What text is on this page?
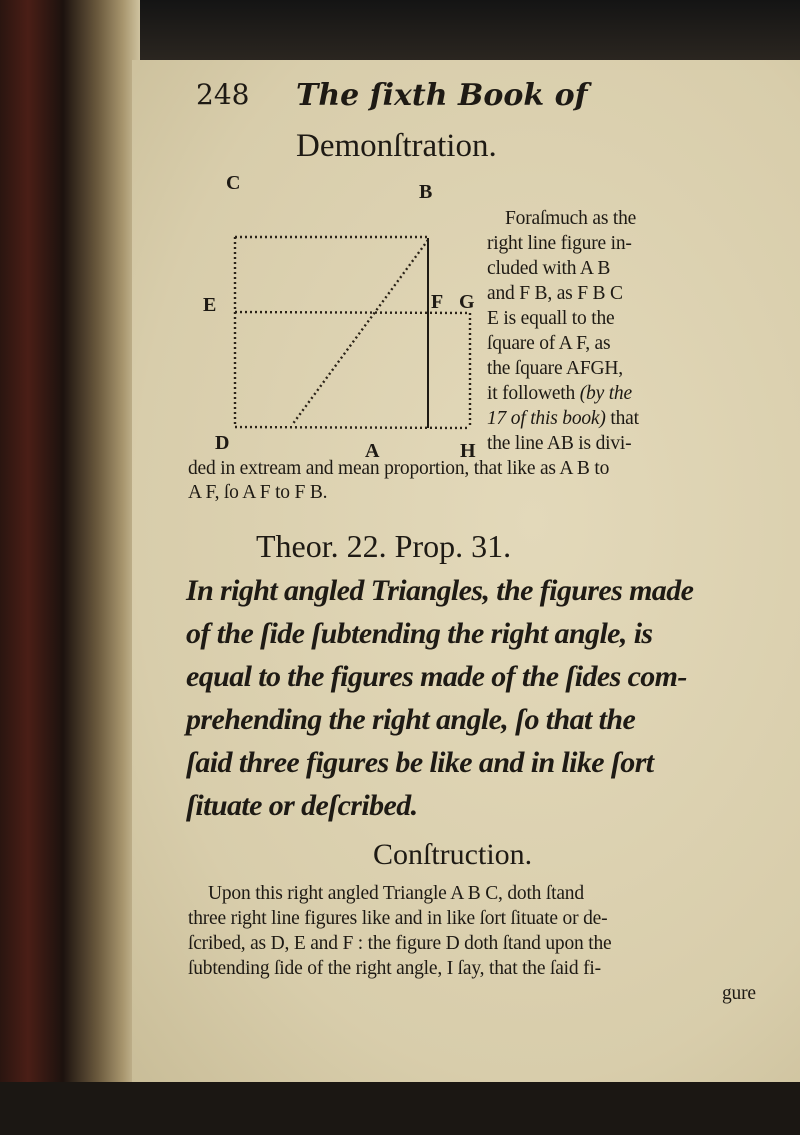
248 The ſixth Book of
Demonſtration.
C	B
E	F G
D	A	H
Foraſmuch as the
right line figure in-
cluded with A B
and F B, as F B C
E is equall to the
ſquare of A F, as
the ſquare AFGH,
it followeth (by the
17 of this book) that
the line AB is divi-
ded in extream and mean proportion, that like as A B to
A F, ſo A F to F B.
Theor. 22. Prop. 31.
In right angled Triangles, the figures made
of the ſide ſubtending the right angle, is
equal to the figures made of the ſides com-
prehending the right angle, ſo that the
ſaid three figures be like and in like ſort
ſituate or deſcribed.
Conſtruction.
Upon this right angled Triangle A B C, doth ſtand
three right line figures like and in like ſort ſituate or de-
ſcribed, as D, E and F : the figure D doth ſtand upon the
ſubtending ſide of the right angle, I ſay, that the ſaid fi-
gure
